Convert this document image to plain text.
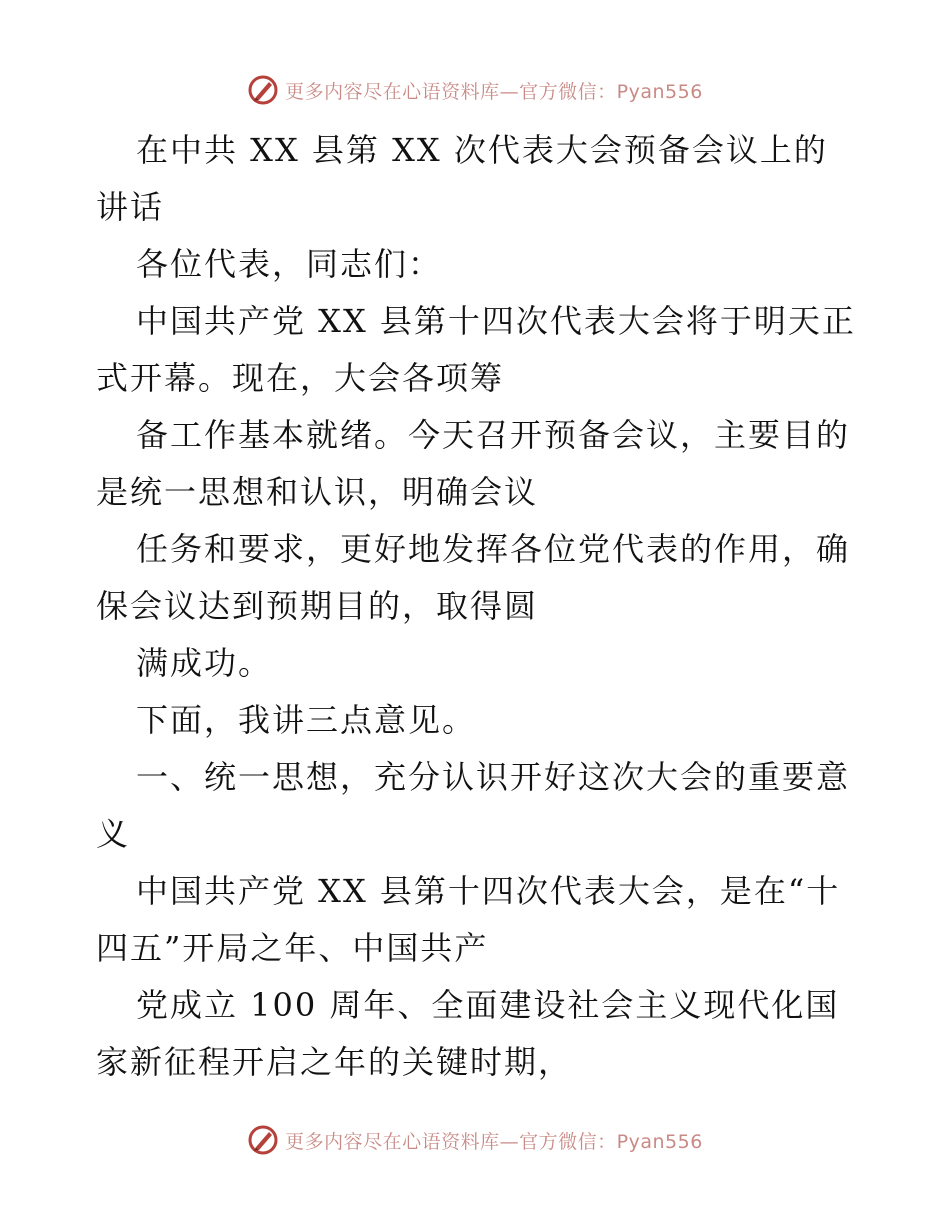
更多内容尽在心语资料库—官方微信：Pyan556

在中共 XX 县第 XX 次代表大会预备会议上的讲话

各位代表，同志们：

中国共产党 XX 县第十四次代表大会将于明天正式开幕。现在，大会各项筹

备工作基本就绪。今天召开预备会议，主要目的是统一思想和认识，明确会议

任务和要求，更好地发挥各位党代表的作用，确保会议达到预期目的，取得圆

满成功。

下面，我讲三点意见。

一、统一思想，充分认识开好这次大会的重要意义

中国共产党 XX 县第十四次代表大会，是在“十四五”开局之年、中国共产

党成立 100 周年、全面建设社会主义现代化国家新征程开启之年的关键时期，

更多内容尽在心语资料库—官方微信：Pyan556
